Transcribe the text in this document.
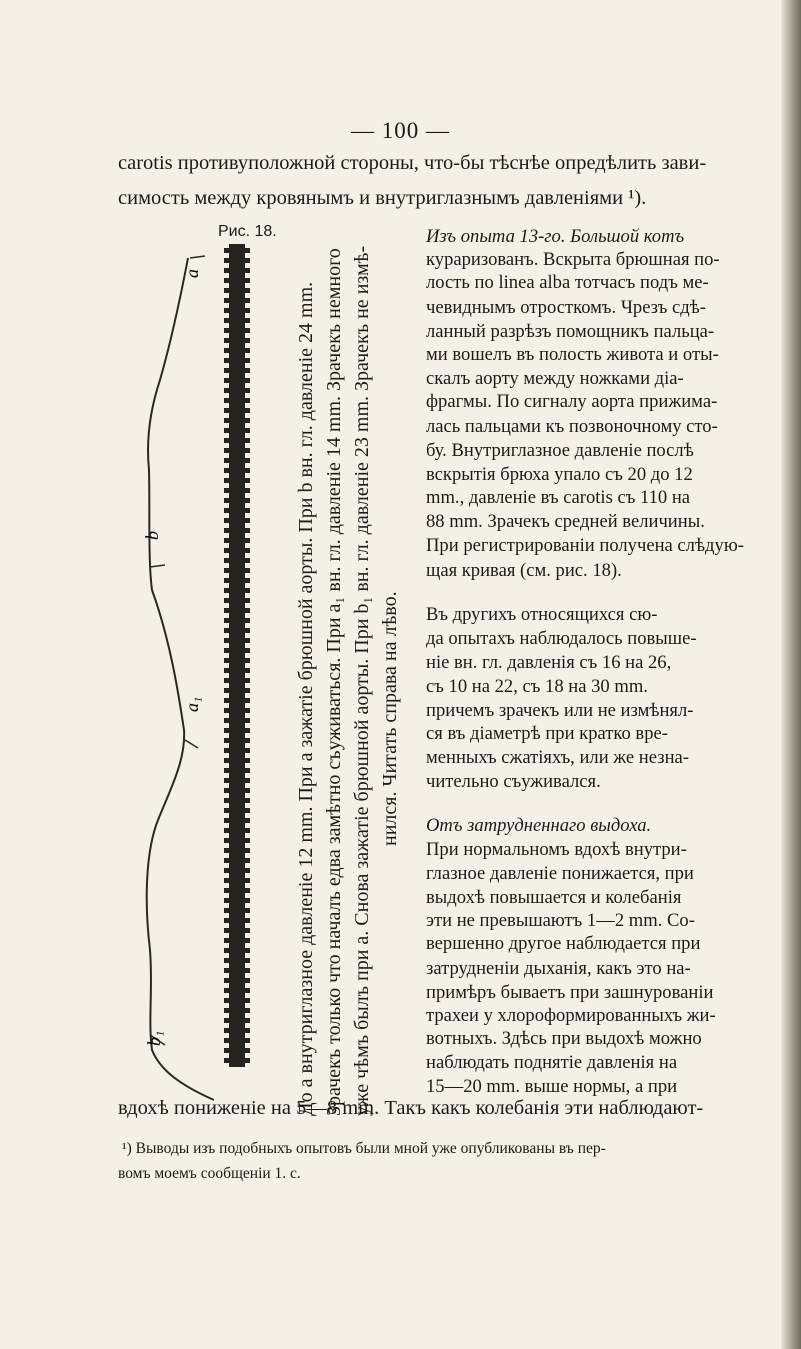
— 100 —
carotis противуположной стороны, что-бы тѣснѣе опредѣлить зави-
симость между кровянымъ и внутриглазнымъ давленіями ¹).
Рис. 18.
a
b
a₁
b₁	До a внутриглазное давленіе 12 mm. При a зажатіе брюшной аорты. При b вн. гл. давленіе 24 mm. Зрачекъ только что началъ едва замѣтно съуживаться. При a₁ вн. гл. давленіе 14 mm. Зрачекъ немного уже чѣмъ былъ при a. Снова зажатіе брюшной аорты. При b₁ вн. гл. давленіе 23 mm. Зрачекъ не измѣ- нился. Читать справа на лѣво.
Изъ опыта 13-го. Большой котъ
кураризованъ. Вскрыта брюшная по-
лость по linea alba тотчасъ подъ ме-
чевиднымъ отросткомъ. Чрезъ сдѣ-
ланный разрѣзъ помощникъ пальца-
ми вошелъ въ полость живота и оты-
скалъ аорту между ножками діа-
фрагмы. По сигналу аорта прижима-
лась пальцами къ позвоночному сто-
бу. Внутриглазное давленіе послѣ
вскрытія брюха упало съ 20 до 12
mm., давленіе въ carotis съ 110 на
88 mm. Зрачекъ средней величины.
При регистрированіи получена слѣдую-
щая кривая (см. рис. 18).
Въ другихъ относящихся сю-
да опытахъ наблюдалось повыше-
ніе вн. гл. давленія съ 16 на 26,
съ 10 на 22, съ 18 на 30 mm.
причемъ зрачекъ или не измѣнял-
ся въ діаметрѣ при кратко вре-
менныхъ сжатіяхъ, или же незна-
чительно съуживался.
Отъ затрудненнаго выдоха.
При нормальномъ вдохѣ внутри-
глазное давленіе понижается, при
выдохѣ повышается и колебанія
эти не превышаютъ 1—2 mm. Со-
вершенно другое наблюдается при
затрудненіи дыханія, какъ это на-
примѣръ бываетъ при зашнурованіи
трахеи у хлороформированныхъ жи-
вотныхъ. Здѣсь при выдохѣ можно
наблюдать поднятіе давленія на
15—20 mm. выше нормы, а при
вдохѣ пониженіе на 5—8 mm. Такъ какъ колебанія эти наблюдают-
¹) Выводы изъ подобныхъ опытовъ были мной уже опубликованы въ пер-
вомъ моемъ сообщеніи 1. c.
